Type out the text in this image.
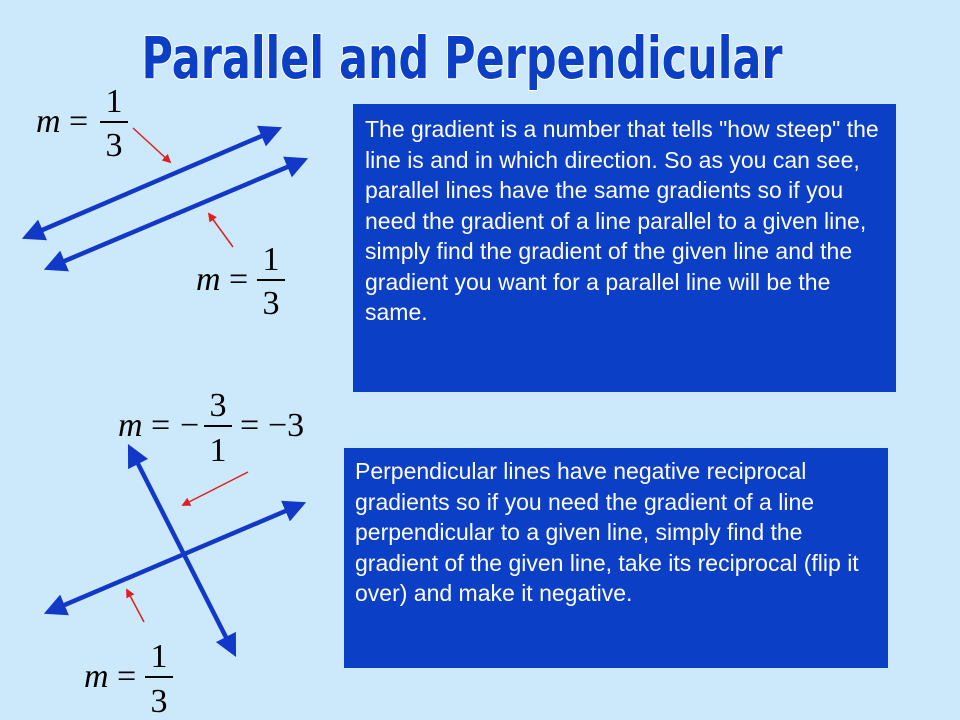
Parallel and Perpendicular
m =
1
3
m =
1
3
m = −
3
1
= −3
m =
1
3

The gradient is a number that tells "how steep" the line is and in which direction. So as you can see, parallel lines have the same gradients so if you need the gradient of a line parallel to a given line, simply find the gradient of the given line and the gradient you want for a parallel line will be the same.

Perpendicular lines have negative reciprocal gradients so if you need the gradient of a line perpendicular to a given line, simply find the gradient of the given line, take its reciprocal (flip it over) and make it negative.
